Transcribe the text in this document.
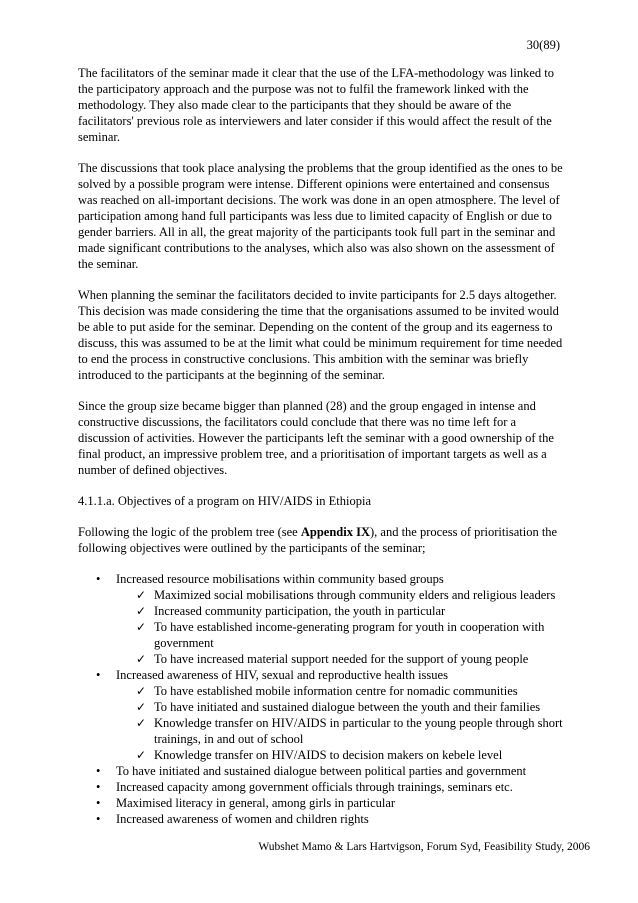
30(89)

The facilitators of the seminar made it clear that the use of the LFA-methodology was linked to the participatory approach and the purpose was not to fulfil the framework linked with the methodology. They also made clear to the participants that they should be aware of the facilitators' previous role as interviewers and later consider if this would affect the result of the seminar.

The discussions that took place analysing the problems that the group identified as the ones to be solved by a possible program were intense. Different opinions were entertained and consensus was reached on all-important decisions. The work was done in an open atmosphere. The level of participation among hand full participants was less due to limited capacity of English or due to gender barriers. All in all, the great majority of the participants took full part in the seminar and made significant contributions to the analyses, which also was also shown on the assessment of the seminar.

When planning the seminar the facilitators decided to invite participants for 2.5 days altogether. This decision was made considering the time that the organisations assumed to be invited would be able to put aside for the seminar. Depending on the content of the group and its eagerness to discuss, this was assumed to be at the limit what could be minimum requirement for time needed to end the process in constructive conclusions. This ambition with the seminar was briefly introduced to the participants at the beginning of the seminar.

Since the group size became bigger than planned (28) and the group engaged in intense and constructive discussions, the facilitators could conclude that there was no time left for a discussion of activities. However the participants left the seminar with a good ownership of the final product, an impressive problem tree, and a prioritisation of important targets as well as a number of defined objectives.

4.1.1.a. Objectives of a program on HIV/AIDS in Ethiopia

Following the logic of the problem tree (see Appendix IX), and the process of prioritisation the following objectives were outlined by the participants of the seminar;

• Increased resource mobilisations within community based groups
✓ Maximized social mobilisations through community elders and religious leaders
✓ Increased community participation, the youth in particular
✓ To have established income-generating program for youth in cooperation with government
✓ To have increased material support needed for the support of young people
• Increased awareness of HIV, sexual and reproductive health issues
✓ To have established mobile information centre for nomadic communities
✓ To have initiated and sustained dialogue between the youth and their families
✓ Knowledge transfer on HIV/AIDS in particular to the young people through short trainings, in and out of school
✓ Knowledge transfer on HIV/AIDS to decision makers on kebele level
• To have initiated and sustained dialogue between political parties and government
• Increased capacity among government officials through trainings, seminars etc.
• Maximised literacy in general, among girls in particular
• Increased awareness of women and children rights
Wubshet Mamo & Lars Hartvigson, Forum Syd, Feasibility Study, 2006
